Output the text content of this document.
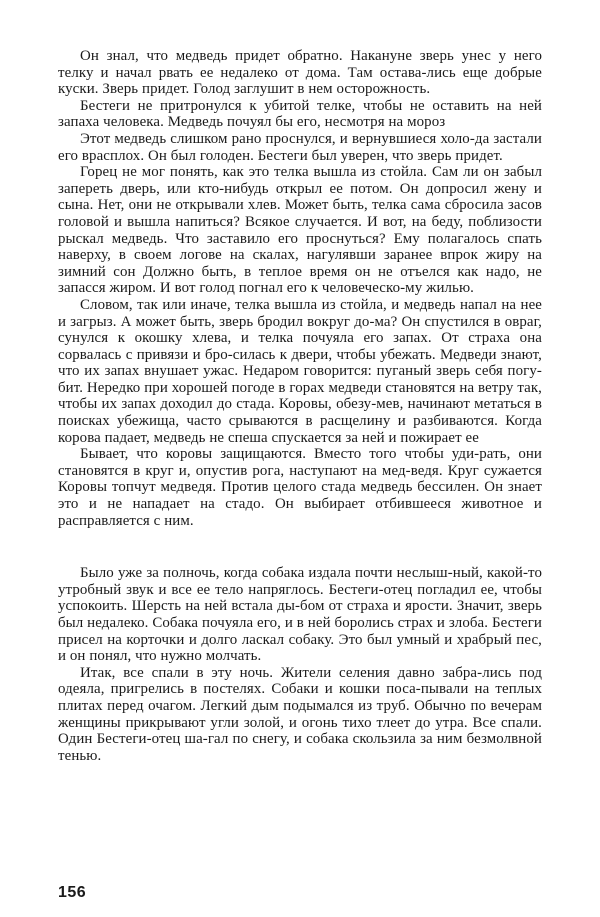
Он знал, что медведь придет обратно. Накануне зверь унес у него телку и начал рвать ее недалеко от дома. Там остава-лись еще добрые куски. Зверь придет. Голод заглушит в нем осторожность.

Бестеги не притронулся к убитой телке, чтобы не оставить на ней запаха человека. Медведь почуял бы его, несмотря на мороз

Этот медведь слишком рано проснулся, и вернувшиеся холо-да застали его врасплох. Он был голоден. Бестеги был уверен, что зверь придет.

Горец не мог понять, как это телка вышла из стойла. Сам ли он забыл запереть дверь, или кто-нибудь открыл ее потом. Он допросил жену и сына. Нет, они не открывали хлев. Может быть, телка сама сбросила засов головой и вышла напиться? Всякое случается. И вот, на беду, поблизости рыскал медведь. Что заставило его проснуться? Ему полагалось спать наверху, в своем логове на скалах, нагулявши заранее впрок жиру на зимний сон Должно быть, в теплое время он не отъелся как надо, не запасся жиром. И вот голод погнал его к человеческо-му жилью.

Словом, так или иначе, телка вышла из стойла, и медведь напал на нее и загрыз. А может быть, зверь бродил вокруг до-ма? Он спустился в овраг, сунулся к окошку хлева, и телка почуяла его запах. От страха она сорвалась с привязи и бро-силась к двери, чтобы убежать. Медведи знают, что их запах внушает ужас. Недаром говорится: пуганый зверь себя погу-бит. Нередко при хорошей погоде в горах медведи становятся на ветру так, чтобы их запах доходил до стада. Коровы, обезу-мев, начинают метаться в поисках убежища, часто срываются в расщелину и разбиваются. Когда корова падает, медведь не спеша спускается за ней и пожирает ее

Бывает, что коровы защищаются. Вместо того чтобы уди-рать, они становятся в круг и, опустив рога, наступают на мед-ведя. Круг сужается Коровы топчут медведя. Против целого стада медведь бессилен. Он знает это и не нападает на стадо. Он выбирает отбившееся животное и расправляется с ним.

Было уже за полночь, когда собака издала почти неслыш-ный, какой-то утробный звук и все ее тело напряглось. Бестеги-отец погладил ее, чтобы успокоить. Шерсть на ней встала ды-бом от страха и ярости. Значит, зверь был недалеко. Собака почуяла его, и в ней боролись страх и злоба. Бестеги присел на корточки и долго ласкал собаку. Это был умный и храбрый пес, и он понял, что нужно молчать.

Итак, все спали в эту ночь. Жители селения давно забра-лись под одеяла, пригрелись в постелях. Собаки и кошки поса-пывали на теплых плитах перед очагом. Легкий дым подымался из труб. Обычно по вечерам женщины прикрывают угли золой, и огонь тихо тлеет до утра. Все спали. Один Бестеги-отец ша-гал по снегу, и собака скользила за ним безмолвной тенью.

156
